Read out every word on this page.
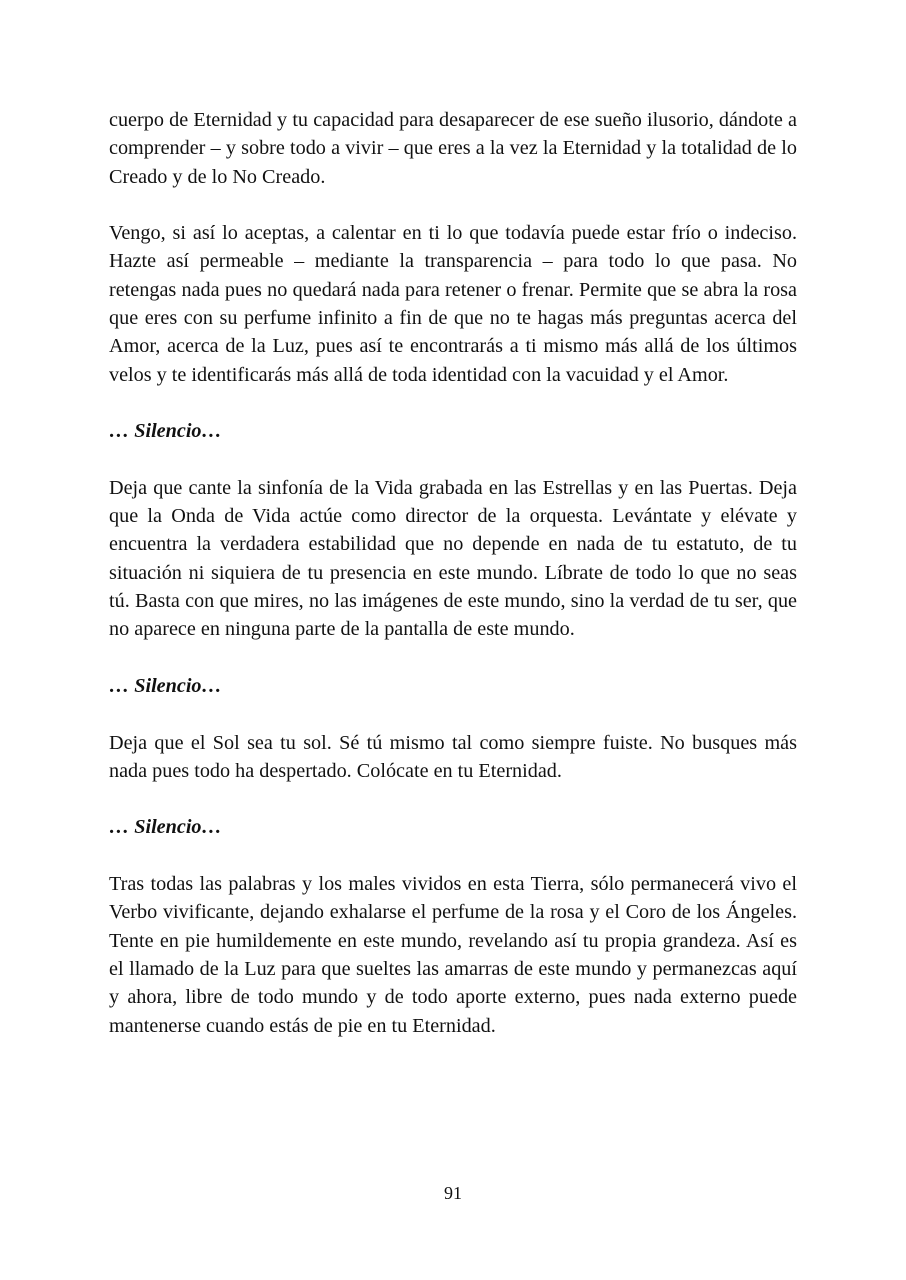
cuerpo de Eternidad y tu capacidad para desaparecer de ese sueño ilusorio, dándote a comprender – y sobre todo a vivir – que eres a la vez la Eternidad y la totalidad de lo Creado y de lo No Creado.

Vengo, si así lo aceptas, a calentar en ti lo que todavía puede estar frío o indeciso. Hazte así permeable – mediante la transparencia – para todo lo que pasa. No retengas nada pues no quedará nada para retener o frenar. Permite que se abra la rosa que eres con su perfume infinito a fin de que no te hagas más preguntas acerca del Amor, acerca de la Luz, pues así te encontrarás a ti mismo más allá de los últimos velos y te identificarás más allá de toda identidad con la vacuidad y el Amor.

… Silencio…

Deja que cante la sinfonía de la Vida grabada en las Estrellas y en las Puertas. Deja que la Onda de Vida actúe como director de la orquesta. Levántate y elévate y encuentra la verdadera estabilidad que no depende en nada de tu estatuto, de tu situación ni siquiera de tu presencia en este mundo. Líbrate de todo lo que no seas tú. Basta con que mires, no las imágenes de este mundo, sino la verdad de tu ser, que no aparece en ninguna parte de la pantalla de este mundo.

… Silencio…

Deja que el Sol sea tu sol. Sé tú mismo tal como siempre fuiste. No busques más nada pues todo ha despertado. Colócate en tu Eternidad.

… Silencio…

Tras todas las palabras y los males vividos en esta Tierra, sólo permanecerá vivo el Verbo vivificante, dejando exhalarse el perfume de la rosa y el Coro de los Ángeles. Tente en pie humildemente en este mundo, revelando así tu propia grandeza. Así es el llamado de la Luz para que sueltes las amarras de este mundo y permanezcas aquí y ahora, libre de todo mundo y de todo aporte externo, pues nada externo puede mantenerse cuando estás de pie en tu Eternidad.

91
